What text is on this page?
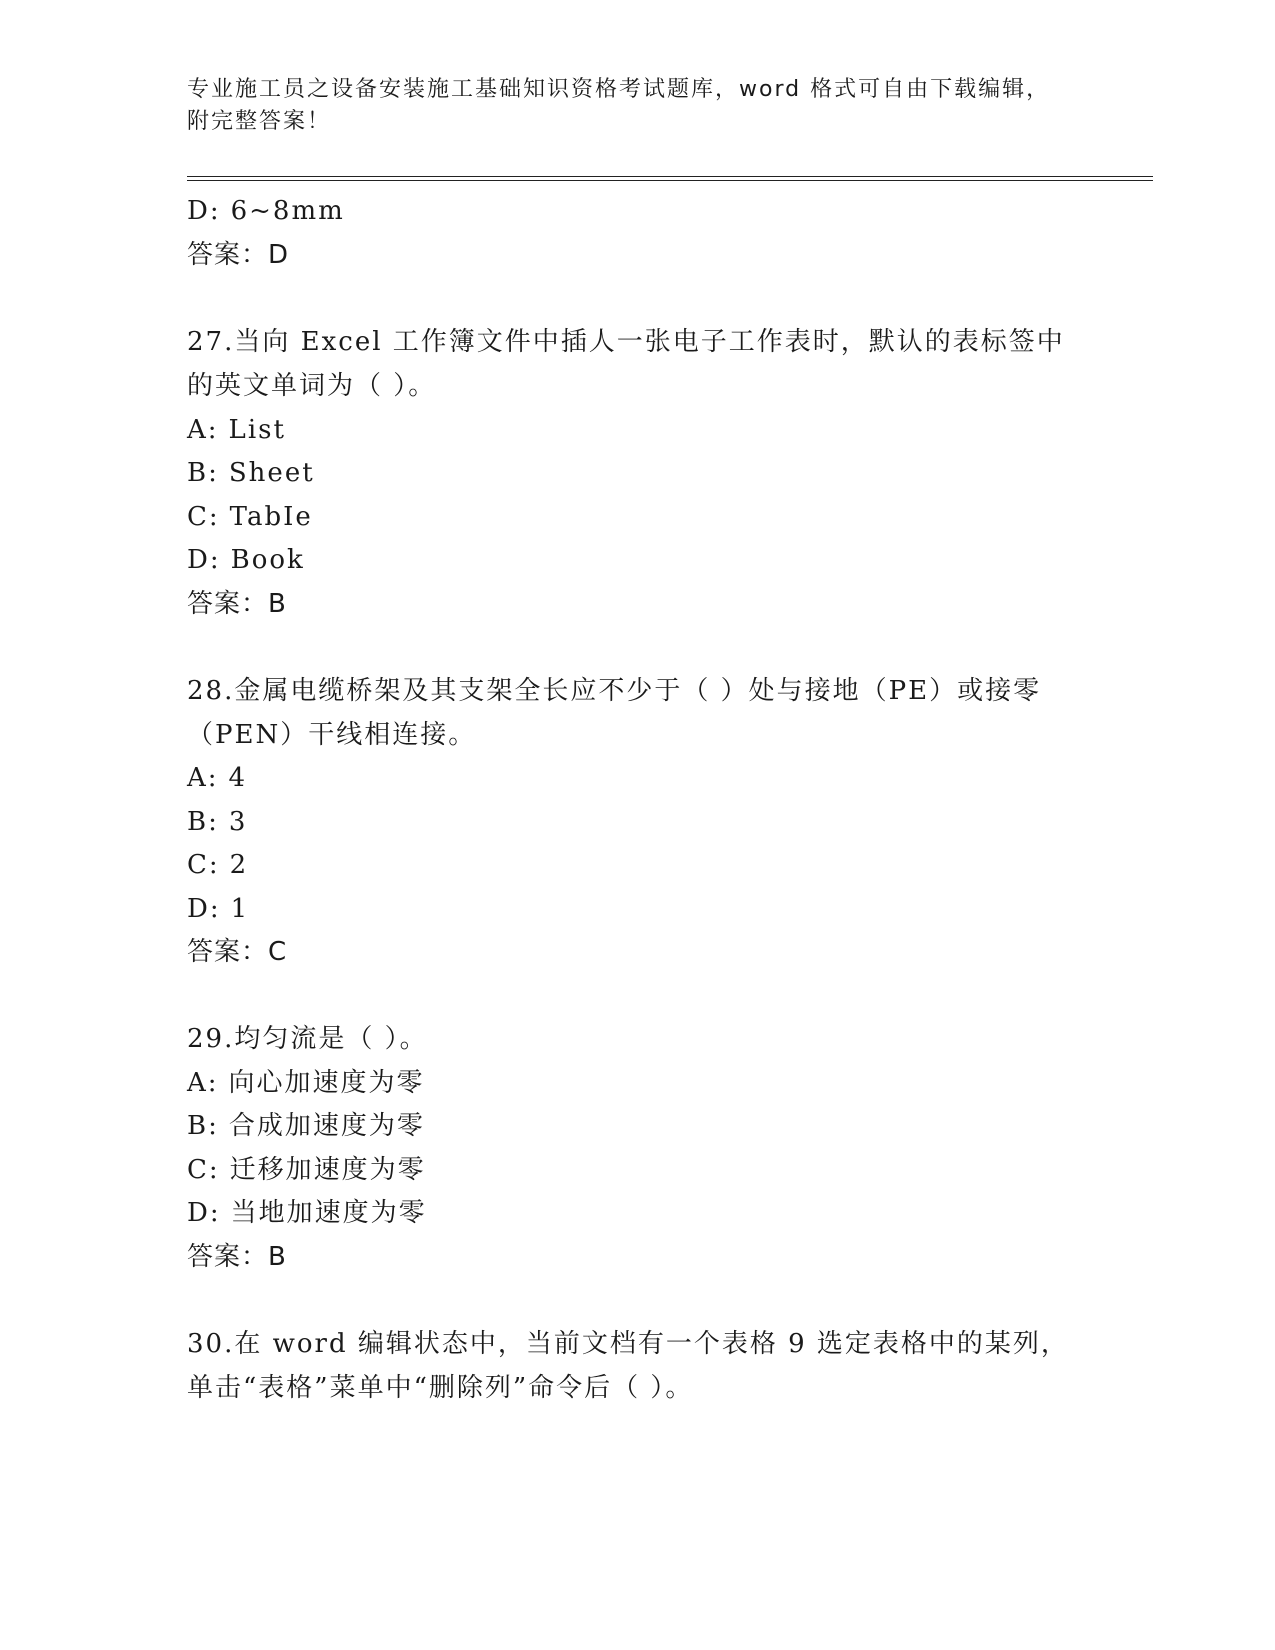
专业施工员之设备安装施工基础知识资格考试题库，word 格式可自由下载编辑，
附完整答案！
D: 6~8mm
答案：D
27.当向 Excel 工作簿文件中插人一张电子工作表时，默认的表标签中
的英文单词为（ ）。
A: List
B: Sheet
C: TabIe
D: Book
答案：B
28.金属电缆桥架及其支架全长应不少于（ ）处与接地（PE）或接零
（PEN）干线相连接。
A: 4
B: 3
C: 2
D: 1
答案：C
29.均匀流是（ ）。
A: 向心加速度为零
B: 合成加速度为零
C: 迁移加速度为零
D: 当地加速度为零
答案：B
30.在 word 编辑状态中，当前文档有一个表格 9 选定表格中的某列，
单击“表格”菜单中“删除列”命令后（ ）。
